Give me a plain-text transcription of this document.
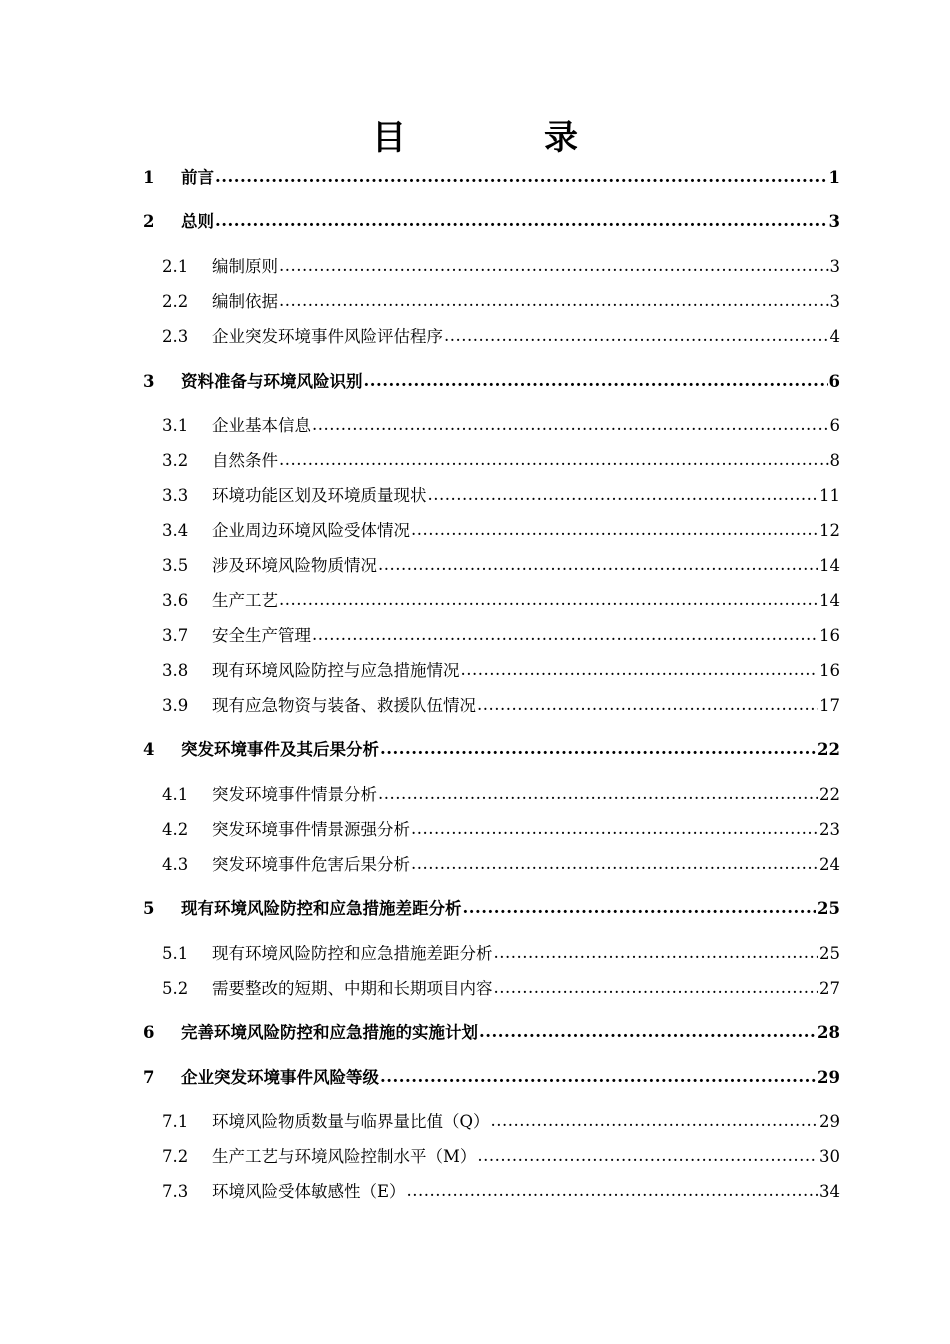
目　录
1	前言 .....	1
2	总则 .....	3
2.1	编制原则 .....	3
2.2	编制依据 .....	3
2.3	企业突发环境事件风险评估程序 .....	4
3	资料准备与环境风险识别 .....	6
3.1	企业基本信息 .....	6
3.2	自然条件 .....	8
3.3	环境功能区划及环境质量现状 .....	11
3.4	企业周边环境风险受体情况 .....	12
3.5	涉及环境风险物质情况 .....	14
3.6	生产工艺 .....	14
3.7	安全生产管理 .....	16
3.8	现有环境风险防控与应急措施情况 .....	16
3.9	现有应急物资与装备、救援队伍情况 .....	17
4	突发环境事件及其后果分析 .....	22
4.1	突发环境事件情景分析 .....	22
4.2	突发环境事件情景源强分析 .....	23
4.3	突发环境事件危害后果分析 .....	24
5	现有环境风险防控和应急措施差距分析 .....	25
5.1	现有环境风险防控和应急措施差距分析 .....	25
5.2	需要整改的短期、中期和长期项目内容 .....	27
6	完善环境风险防控和应急措施的实施计划 .....	28
7	企业突发环境事件风险等级 .....	29
7.1	环境风险物质数量与临界量比值（Q） .....	29
7.2	生产工艺与环境风险控制水平（M） .....	30
7.3	环境风险受体敏感性（E） .....	34
